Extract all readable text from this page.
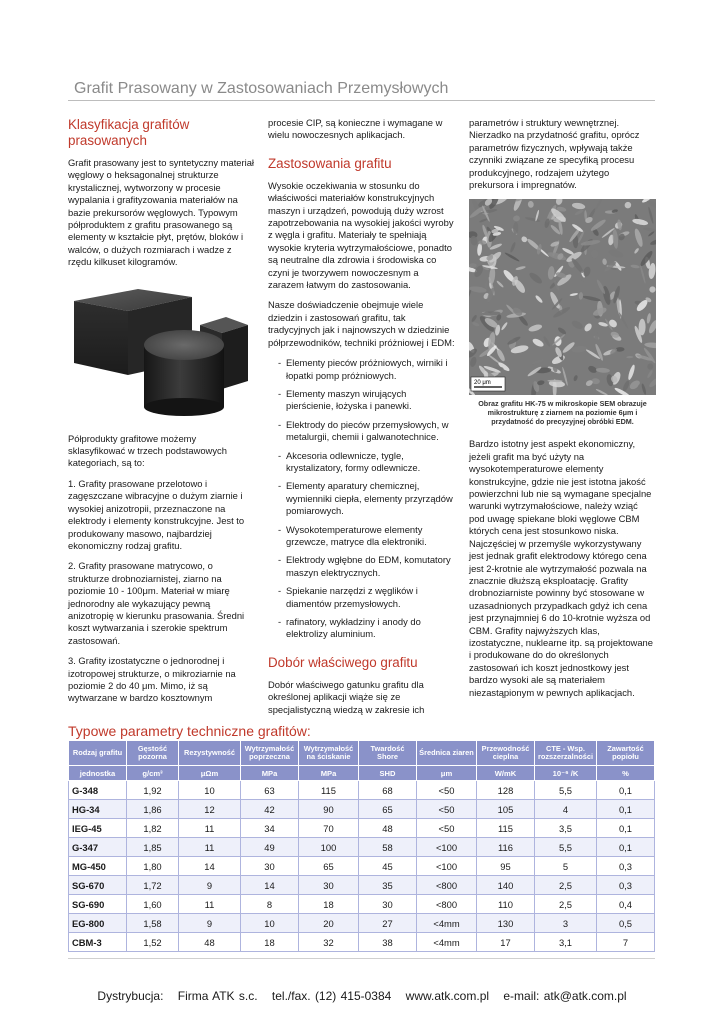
Grafit Prasowany w Zastosowaniach Przemysłowych
Klasyfikacja grafitów prasowanych

Grafit prasowany jest to syntetyczny materiał węglowy o heksagonalnej strukturze krystalicznej, wytworzony w procesie wypalania i grafityzowania materiałów na bazie prekursorów węglowych. Typowym półproduktem z grafitu prasowanego są elementy w kształcie płyt, prętów, bloków i walców, o dużych rozmiarach i wadze z rzędu kilkuset kilogramów.

Półprodukty grafitowe możemy sklasyfikować w trzech podstawowych kategoriach, są to:

1. Grafity prasowane przelotowo i zagęszczane wibracyjne o dużym ziarnie i wysokiej anizotropii, przeznaczone na elektrody i elementy konstrukcyjne. Jest to produkowany masowo, najbardziej ekonomiczny rodzaj grafitu.

2. Grafity prasowane matrycowo, o strukturze drobnoziarnistej, ziarno na poziomie 10 - 100μm. Materiał w miarę jednorodny ale wykazujący pewną anizotropię w kierunku prasowania. Średni koszt wytwarzania i szerokie spektrum zastosowań.

3. Grafity izostatyczne o jednorodnej i izotropowej strukturze, o mikroziarnie na poziomie 2 do 40 μm. Mimo, iż są wytwarzane w bardzo kosztownym

procesie CIP, są konieczne i wymagane w wielu nowoczesnych aplikacjach.

Zastosowania grafitu

Wysokie oczekiwania w stosunku do właściwości materiałów konstrukcyjnych maszyn i urządzeń, powodują duży wzrost zapotrzebowania na wysokiej jakości wyroby z węgla i grafitu. Materiały te spełniają wysokie kryteria wytrzymałościowe, ponadto są neutralne dla zdrowia i środowiska co czyni je tworzywem nowoczesnym a zarazem łatwym do zastosowania.

Nasze doświadczenie obejmuje wiele dziedzin i zastosowań grafitu, tak tradycyjnych jak i najnowszych w dziedzinie półprzewodników, techniki próżniowej i EDM:

- Elementy pieców próżniowych, wirniki i łopatki pomp próżniowych.
- Elementy maszyn wirujących pierścienie, łożyska i panewki.
- Elektrody do pieców przemysłowych, w metalurgii, chemii i galwanotechnice.
- Akcesoria odlewnicze, tygle, krystalizatory, formy odlewnicze.
- Elementy aparatury chemicznej, wymienniki ciepła, elementy przyrządów pomiarowych.
- Wysokotemperaturowe elementy grzewcze, matryce dla elektroniki.
- Elektrody wgłębne do EDM, komutatory maszyn elektrycznych.
- Spiekanie narzędzi z węglików i diamentów przemysłowych.
- rafinatory, wykładziny i anody do elektrolizy aluminium.
Dobór właściwego grafitu

Dobór właściwego gatunku grafitu dla określonej aplikacji wiąże się ze specjalistyczną wiedzą w zakresie ich

parametrów i struktury wewnętrznej. Nierzadko na przydatność grafitu, oprócz parametrów fizycznych, wpływają także czynniki związane ze specyfiką procesu produkcyjnego, rodzajem użytego prekursora i impregnatów.

20 μm
Obraz grafitu HK-75 w mikroskopie SEM obrazuje mikrostrukturę z ziarnem na poziomie 6μm i przydatność do precyzyjnej obróbki EDM.

Bardzo istotny jest aspekt ekonomiczny, jeżeli grafit ma być użyty na wysokotemperaturowe elementy konstrukcyjne, gdzie nie jest istotna jakość powierzchni lub nie są wymagane specjalne warunki wytrzymałościowe, należy wziąć pod uwagę spiekane bloki węglowe CBM których cena jest stosunkowo niska. Najczęściej w przemyśle wykorzystywany jest jednak grafit elektrodowy którego cena jest 2-krotnie ale wytrzymałość pozwala na znacznie dłuższą eksploatację. Grafity drobnoziarniste powinny być stosowane w uzasadnionych przypadkach gdyż ich cena jest przynajmniej 6 do 10-krotnie wyższa od CBM. Grafity najwyższych klas, izostatyczne, nuklearne itp. są projektowane i produkowane do do określonych zastosowań ich koszt jednostkowy jest bardzo wysoki ale są materiałem niezastąpionym w pewnych aplikacjach.

Typowe parametry techniczne grafitów:
Rodzaj grafitu	Gęstość pozorna	Rezystywność	Wytrzymałość poprzeczna	Wytrzymałość na ściskanie	Twardość Shore	Średnica ziaren	Przewodność cieplna	CTE - Wsp. rozszerzalności	Zawartość popiołu
jednostka	g/cm³	μΩm	MPa	MPa	SHD	μm	W/mK	10⁻⁶ /K	%
G-348	1,92	10	63	115	68	<50	128	5,5	0,1
HG-34	1,86	12	42	90	65	<50	105	4	0,1
IEG-45	1,82	11	34	70	48	<50	115	3,5	0,1
G-347	1,85	11	49	100	58	<100	116	5,5	0,1
MG-450	1,80	14	30	65	45	<100	95	5	0,3
SG-670	1,72	9	14	30	35	<800	140	2,5	0,3
SG-690	1,60	11	8	18	30	<800	110	2,5	0,4
EG-800	1,58	9	10	20	27	<4mm	130	3	0,5
CBM-3	1,52	48	18	32	38	<4mm	17	3,1	7
Dystrybucja: Firma ATK s.c. tel./fax. (12) 415-0384 www.atk.com.pl e-mail: atk@atk.com.pl
